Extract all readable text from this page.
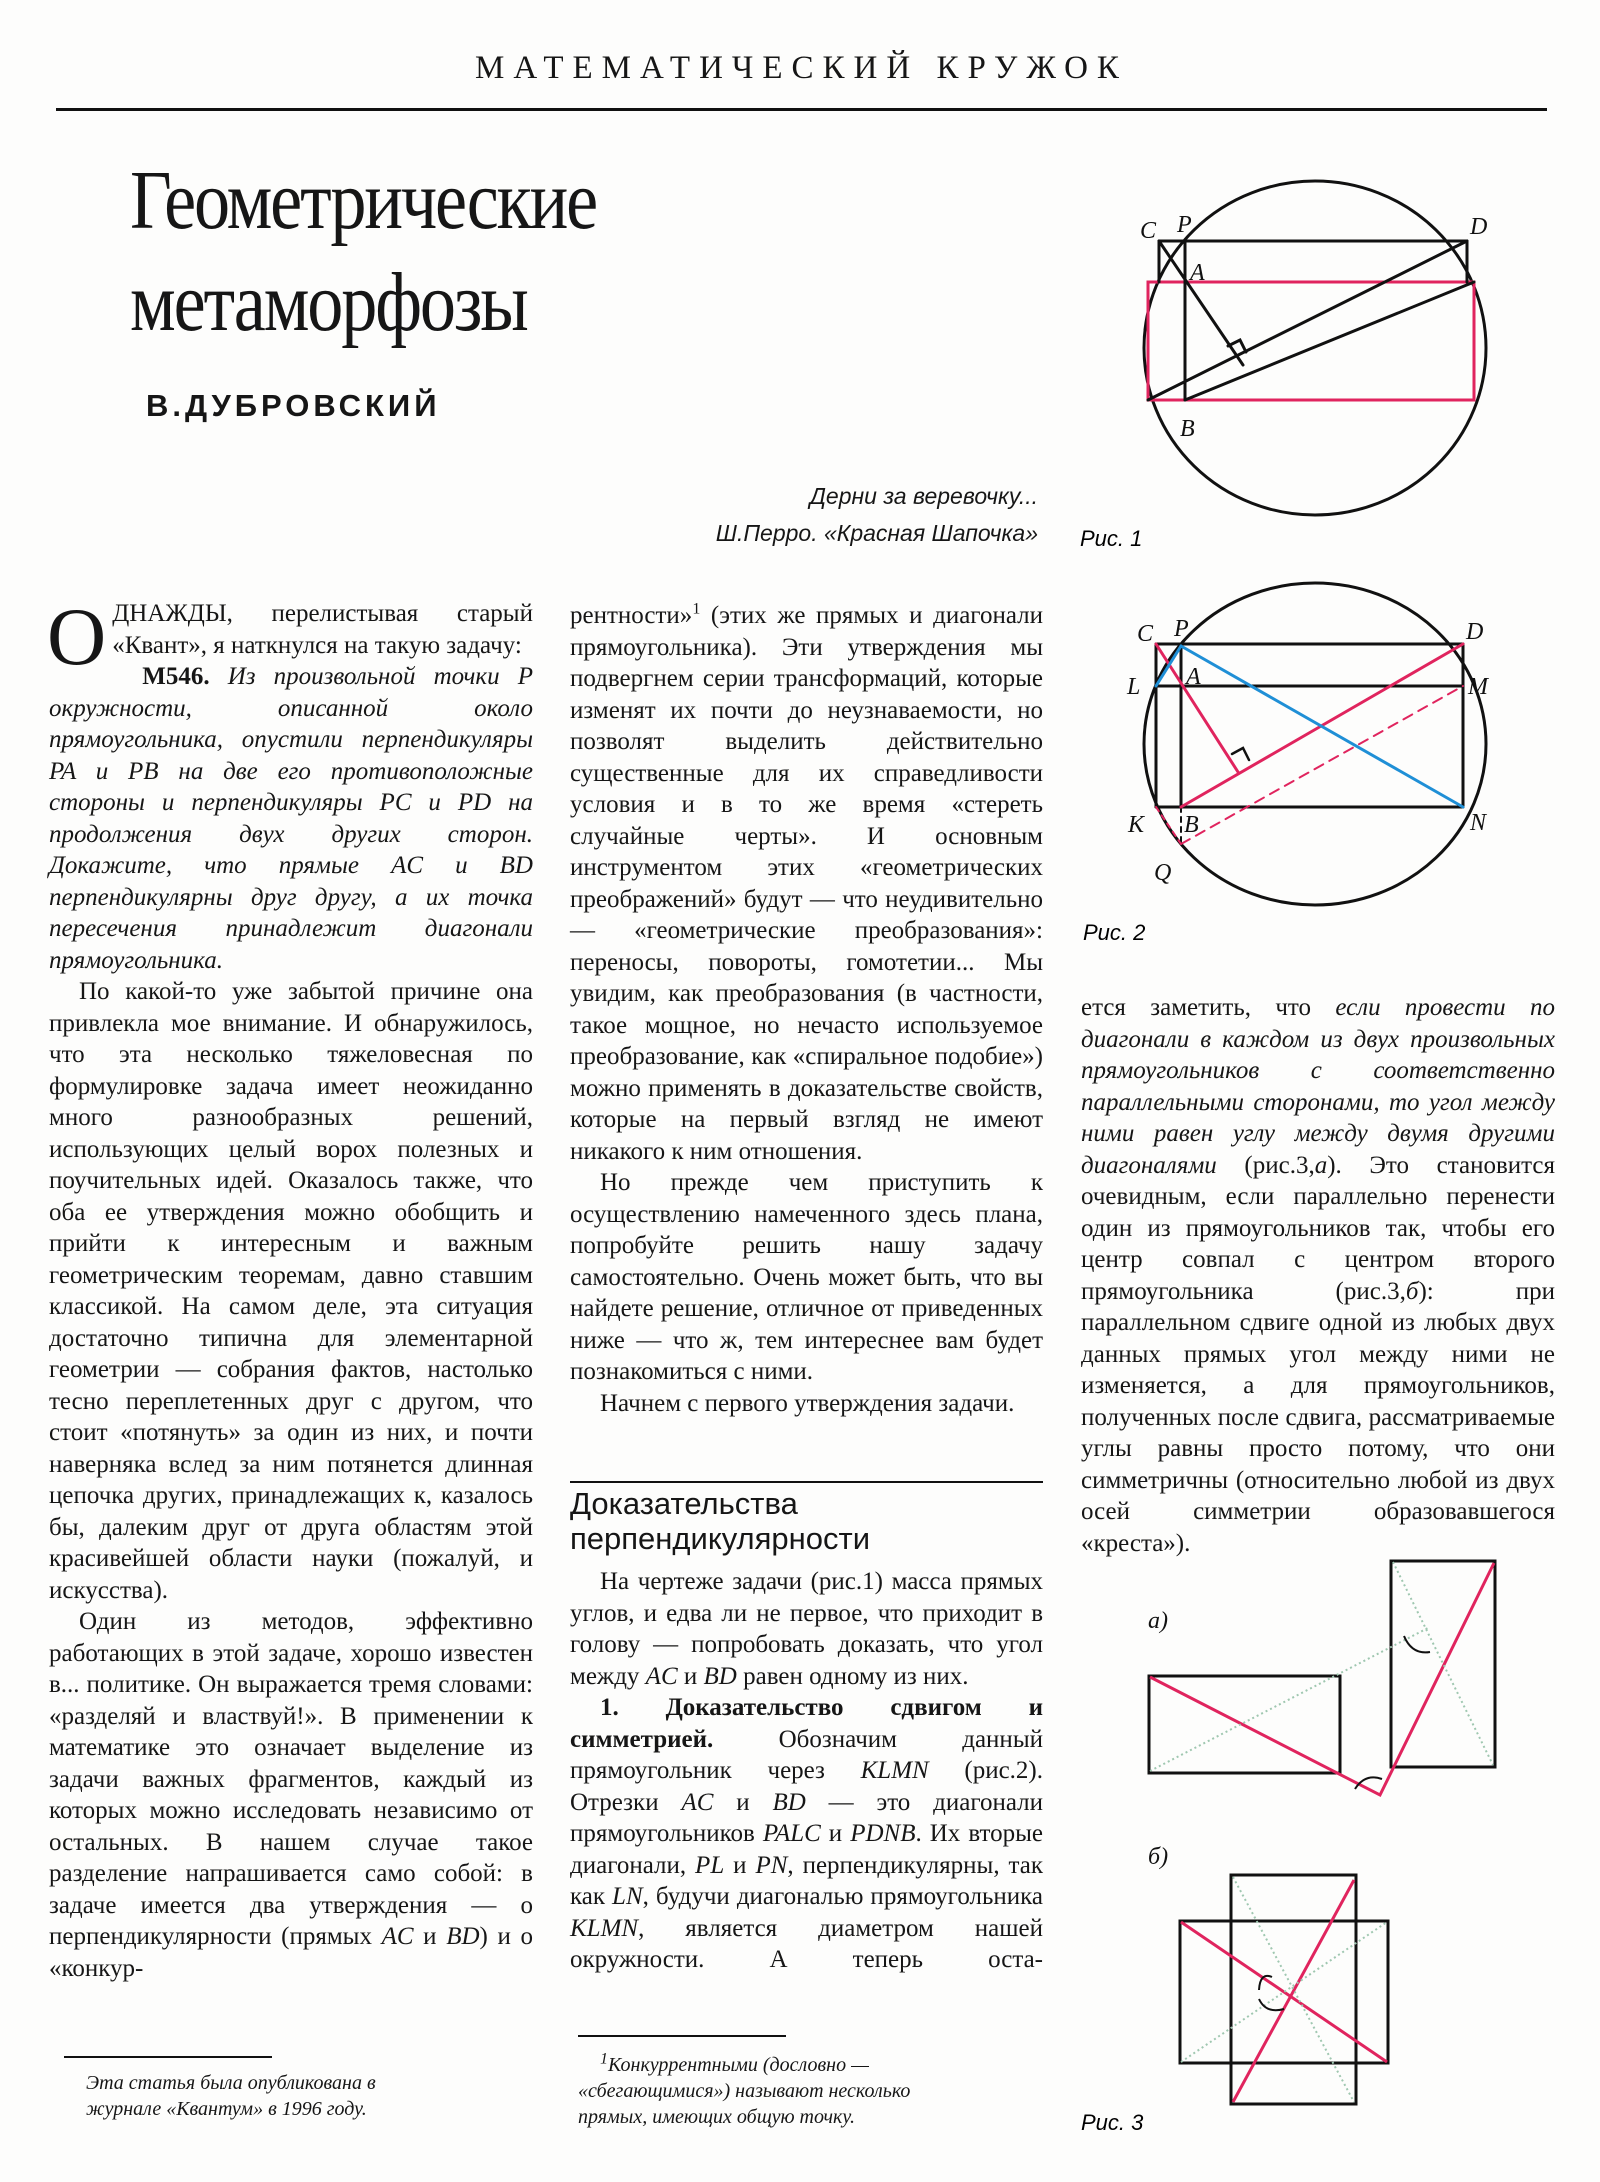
МАТЕМАТИЧЕСКИЙ КРУЖОК
Геометрические
метаморфозы
В.ДУБРОВСКИЙ
Дерни за веревочку...
Ш.Перро. «Красная Шапочка»

ОДНАЖДЫ, перелистывая старый «Квант», я наткнулся на такую задачу:

М546. Из произвольной точки P окружности, описанной около прямоугольника, опустили перпендикуляры PA и PB на две его противоположные стороны и перпендикуляры PC и PD на продолжения двух других сторон. Докажите, что прямые AC и BD перпендикулярны друг другу, а их точка пересечения принадлежит диагонали прямоугольника.

По какой-то уже забытой причине она привлекла мое внимание. И обнаружилось, что эта несколько тяжеловесная по формулировке задача имеет неожиданно много разнообразных решений, использующих целый ворох полезных и поучительных идей. Оказалось также, что оба ее утверждения можно обобщить и прийти к интересным и важным геометрическим теоремам, давно ставшим классикой. На самом деле, эта ситуация достаточно типична для элементарной геометрии — собрания фактов, настолько тесно переплетенных друг с другом, что стоит «потянуть» за один из них, и почти наверняка вслед за ним потянется длинная цепочка других, принадлежащих к, казалось бы, далеким друг от друга областям этой красивейшей области науки (пожалуй, и искусства).

Один из методов, эффективно работающих в этой задаче, хорошо известен в... политике. Он выражается тремя словами: «разделяй и властвуй!». В применении к математике это означает выделение из задачи важных фрагментов, каждый из которых можно исследовать независимо от остальных. В нашем случае такое разделение напрашивается само собой: в задаче имеется два утверждения — о перпендикулярности (прямых AC и BD) и о «конкур-

рентности»$^1$ (этих же прямых и диагонали прямоугольника). Эти утверждения мы подвергнем серии трансформаций, которые изменят их почти до неузнаваемости, но позволят выделить действительно существенные для их справедливости условия и в то же время «стереть случайные черты». И основным инструментом этих «геометрических преображений» будут — что неудивительно — «геометрические преобразования»: переносы, повороты, гомотетии... Мы увидим, как преобразования (в частности, такое мощное, но нечасто используемое преобразование, как «спиральное подобие») можно применять в доказательстве свойств, которые на первый взгляд не имеют никакого к ним отношения.

Но прежде чем приступить к осуществлению намеченного здесь плана, попробуйте решить нашу задачу самостоятельно. Очень может быть, что вы найдете решение, отличное от приведенных ниже — что ж, тем интереснее вам будет познакомиться с ними.

Начнем с первого утверждения задачи.

Доказательства перпендикулярности

На чертеже задачи (рис.1) масса прямых углов, и едва ли не первое, что приходит в голову — попробовать доказать, что угол между AC и BD равен одному из них.

1. Доказательство сдвигом и симметрией. Обозначим данный прямоугольник через KLMN (рис.2). Отрезки AC и BD — это диагонали прямоугольников PALC и PDNB. Их вторые диагонали, PL и PN, перпендикулярны, так как LN, будучи диагональю прямоугольника KLMN, является диаметром нашей окружности. А теперь оста-

ется заметить, что если провести по диагонали в каждом из двух произвольных прямоугольников с соответственно параллельными сторонами, то угол между ними равен углу между двумя другими диагоналями (рис.3,а). Это становится очевидным, если параллельно перенести один из прямоугольников так, чтобы его центр совпал с центром второго прямоугольника (рис.3,б): при параллельном сдвиге одной из любых двух данных прямых угол между ними не изменяется, а для прямоугольников, полученных после сдвига, рассматриваемые углы равны просто потому, что они симметричны (относительно любой из двух осей симметрии образовавшегося «креста»).

C P	D
A
B
Рис. 1
C P	D
L A	M
K B	N
Q
Рис. 2
а)
б)
Рис. 3
Эта статья была опубликована в
журнале «Квантум» в 1996 году.
$^1$Конкуррентными (дословно —
«сбегающимися») называют несколько
прямых, имеющих общую точку.
